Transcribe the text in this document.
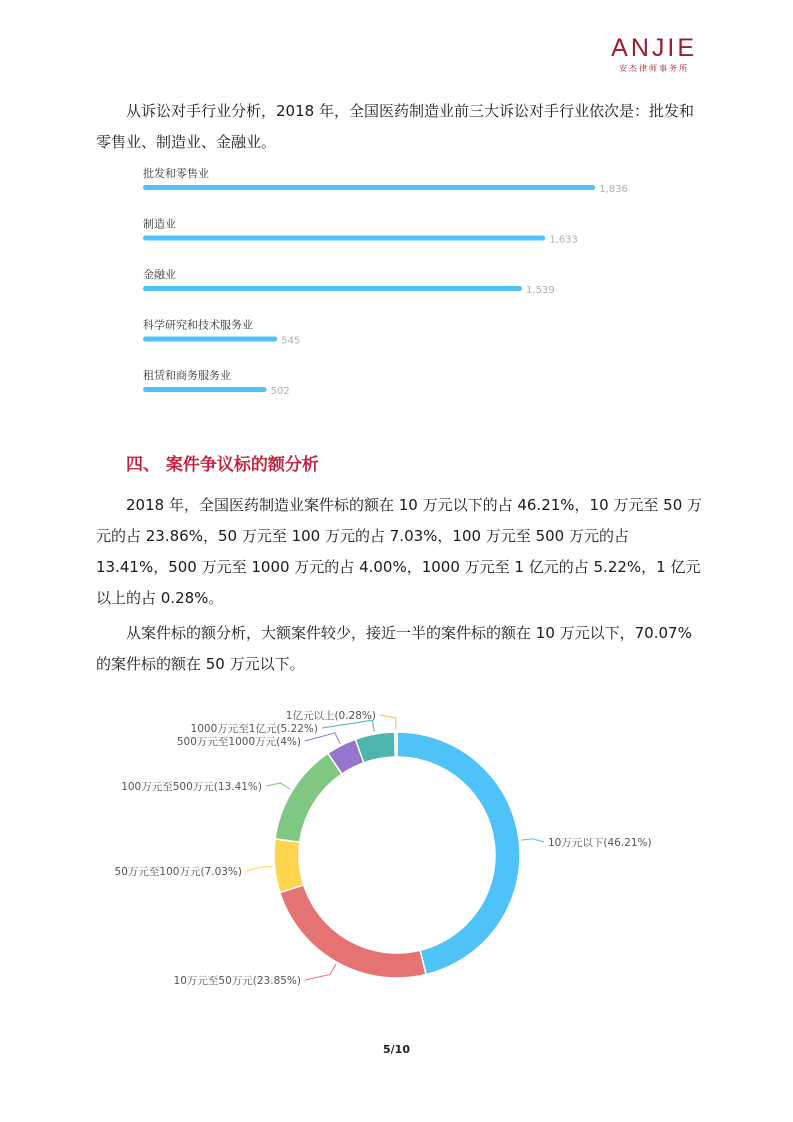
ANJIE
安杰律师事务所
从诉讼对手行业分析，2018 年，全国医药制造业前三大诉讼对手行业依次是：批发和零售业、制造业、金融业。
批发和零售业
1,836
制造业
1,633
金融业
1,539
科学研究和技术服务业
545
租赁和商务服务业
502
四、 案件争议标的额分析
2018 年，全国医药制造业案件标的额在 10 万元以下的占 46.21%，10 万元至 50 万元的占 23.86%，50 万元至 100 万元的占 7.03%，100 万元至 500 万元的占 13.41%，500 万元至 1000 万元的占 4.00%，1000 万元至 1 亿元的占 5.22%，1 亿元以上的占 0.28%。
从案件标的额分析，大额案件较少，接近一半的案件标的额在 10 万元以下，70.07%的案件标的额在 50 万元以下。
10万元以下(46.21%)
10万元至50万元(23.85%)
50万元至100万元(7.03%)
100万元至500万元(13.41%)
500万元至1000万元(4%)
1000万元至1亿元(5.22%)
1亿元以上(0.28%)
5/10
